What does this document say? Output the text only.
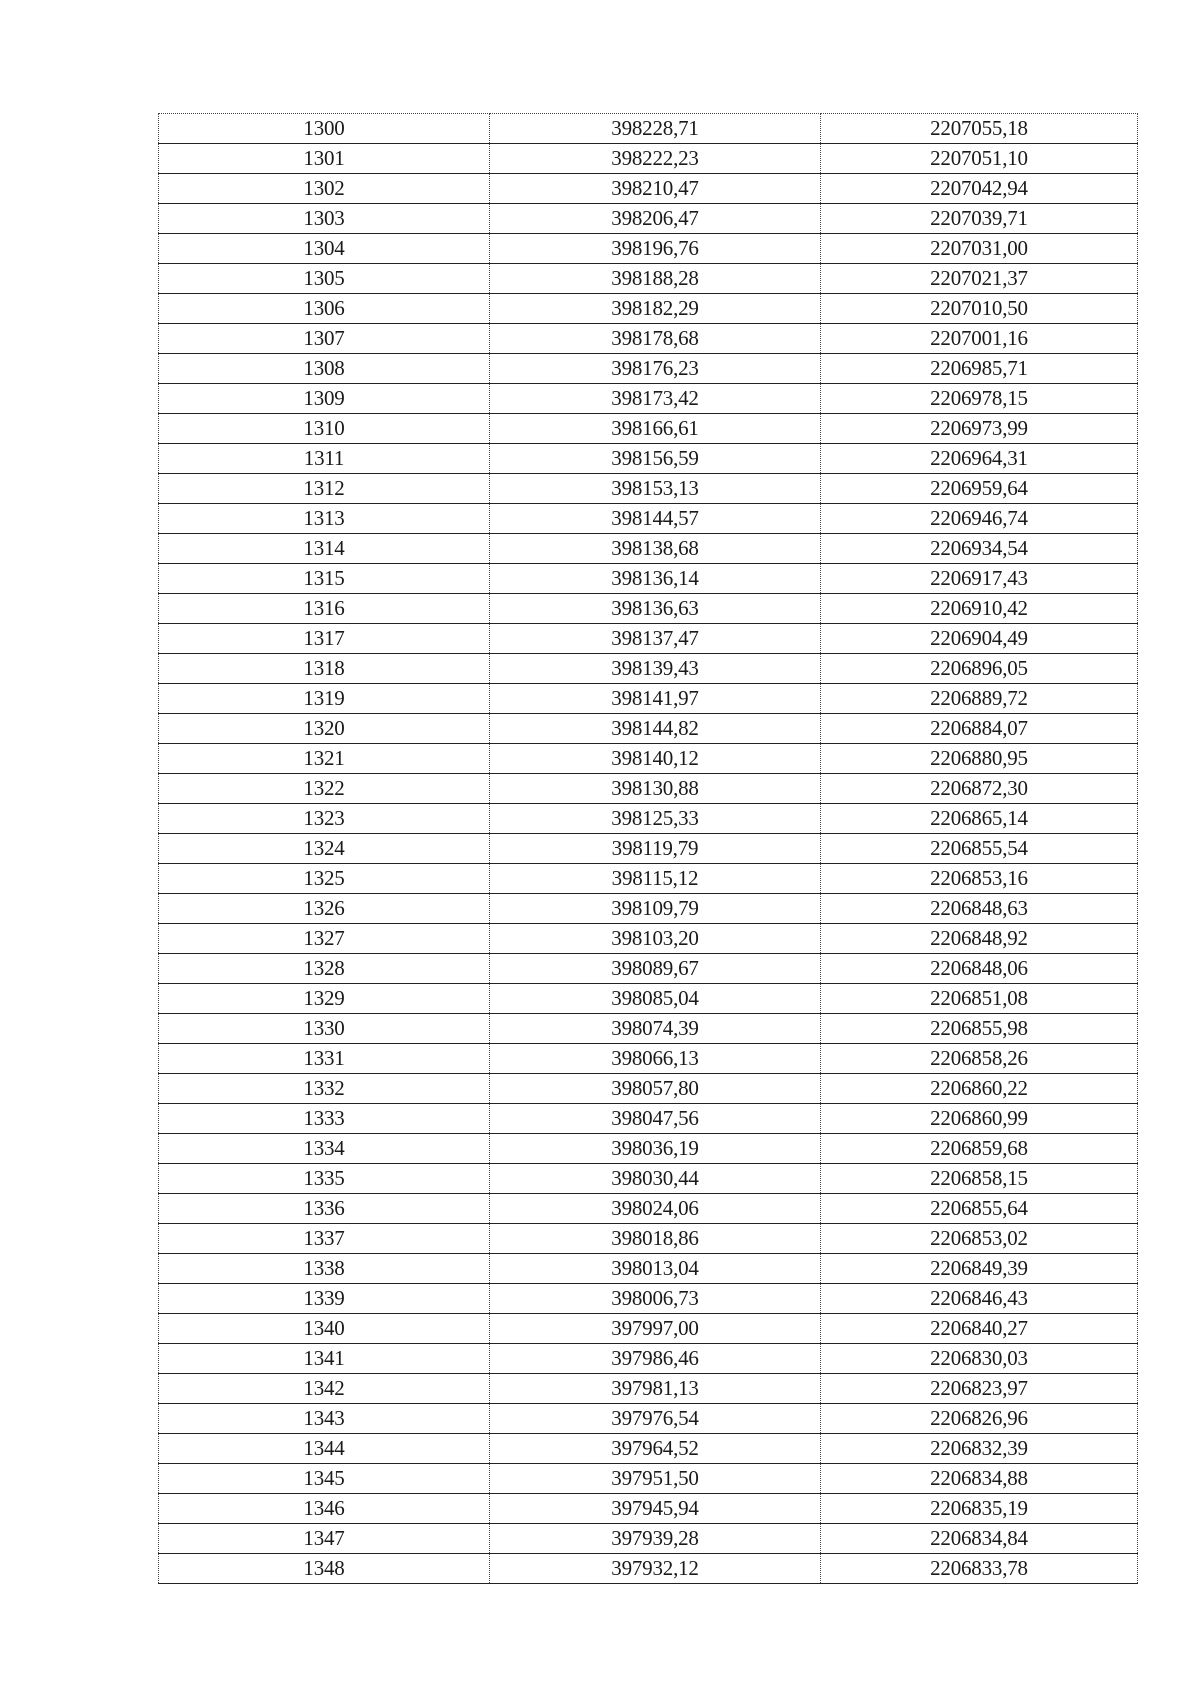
1300	398228,71	2207055,18
1301	398222,23	2207051,10
1302	398210,47	2207042,94
1303	398206,47	2207039,71
1304	398196,76	2207031,00
1305	398188,28	2207021,37
1306	398182,29	2207010,50
1307	398178,68	2207001,16
1308	398176,23	2206985,71
1309	398173,42	2206978,15
1310	398166,61	2206973,99
1311	398156,59	2206964,31
1312	398153,13	2206959,64
1313	398144,57	2206946,74
1314	398138,68	2206934,54
1315	398136,14	2206917,43
1316	398136,63	2206910,42
1317	398137,47	2206904,49
1318	398139,43	2206896,05
1319	398141,97	2206889,72
1320	398144,82	2206884,07
1321	398140,12	2206880,95
1322	398130,88	2206872,30
1323	398125,33	2206865,14
1324	398119,79	2206855,54
1325	398115,12	2206853,16
1326	398109,79	2206848,63
1327	398103,20	2206848,92
1328	398089,67	2206848,06
1329	398085,04	2206851,08
1330	398074,39	2206855,98
1331	398066,13	2206858,26
1332	398057,80	2206860,22
1333	398047,56	2206860,99
1334	398036,19	2206859,68
1335	398030,44	2206858,15
1336	398024,06	2206855,64
1337	398018,86	2206853,02
1338	398013,04	2206849,39
1339	398006,73	2206846,43
1340	397997,00	2206840,27
1341	397986,46	2206830,03
1342	397981,13	2206823,97
1343	397976,54	2206826,96
1344	397964,52	2206832,39
1345	397951,50	2206834,88
1346	397945,94	2206835,19
1347	397939,28	2206834,84
1348	397932,12	2206833,78
